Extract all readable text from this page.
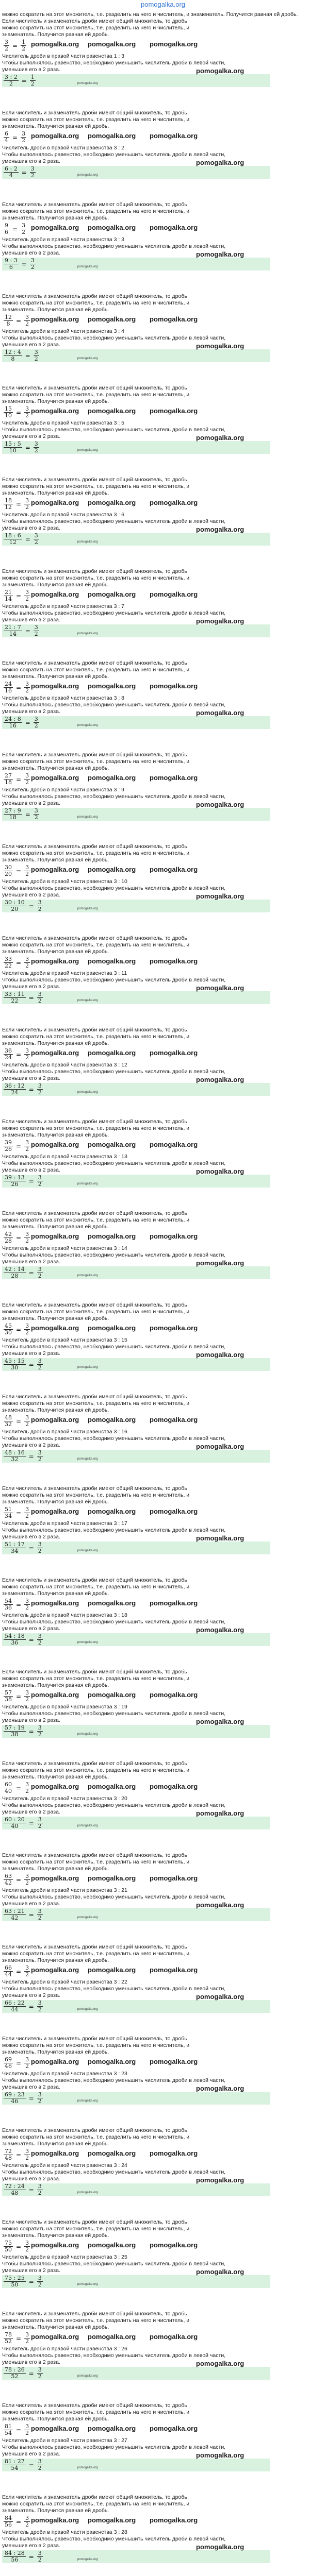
pomogalka.org
можно сократить на этот множитель, т.е. разделить на него и числитель, и знаменатель. Получится равная ей дробь.
Если числитель и знаменатель дроби имеют общий множитель, то дробь
можно сократить на этот множитель, т.е. разделить на него и числитель, и
знаменатель. Получится равная ей дробь.
$\frac{3}{2} = \frac{1}{2}$
Числитель дроби в правой части равенства 1 : 3
Чтобы выполнялось равенство, необходимо уменьшить числитель дроби в левой части,
уменьшив его в 2 раза.
$\frac{3 : 2}{2} = \frac{1}{2}$
pomogalka.org pomogalka.org pomogalka.org
pomogalka.org
pomogalka.org
Если числитель и знаменатель дроби имеют общий множитель, то дробь
можно сократить на этот множитель, т.е. разделить на него и числитель, и
знаменатель. Получится равная ей дробь.
$\frac{6}{4} = \frac{3}{2}$
Числитель дроби в правой части равенства 3 : 2
Чтобы выполнялось равенство, необходимо уменьшить числитель дроби в левой части,
уменьшив его в 2 раза.
$\frac{6 : 2}{4} = \frac{3}{2}$
pomogalka.org pomogalka.org pomogalka.org
pomogalka.org
pomogalka.org
Если числитель и знаменатель дроби имеют общий множитель, то дробь
можно сократить на этот множитель, т.е. разделить на него и числитель, и
знаменатель. Получится равная ей дробь.
$\frac{9}{6} = \frac{3}{2}$
Числитель дроби в правой части равенства 3 : 3
Чтобы выполнялось равенство, необходимо уменьшить числитель дроби в левой части,
уменьшив его в 2 раза.
$\frac{9 : 3}{6} = \frac{3}{2}$
pomogalka.org pomogalka.org pomogalka.org
pomogalka.org
pomogalka.org
Если числитель и знаменатель дроби имеют общий множитель, то дробь
можно сократить на этот множитель, т.е. разделить на него и числитель, и
знаменатель. Получится равная ей дробь.
$\frac{12}{8} = \frac{3}{2}$
Числитель дроби в правой части равенства 3 : 4
Чтобы выполнялось равенство, необходимо уменьшить числитель дроби в левой части,
уменьшив его в 2 раза.
$\frac{12 : 4}{8} = \frac{3}{2}$
pomogalka.org pomogalka.org pomogalka.org
pomogalka.org
pomogalka.org
Если числитель и знаменатель дроби имеют общий множитель, то дробь
можно сократить на этот множитель, т.е. разделить на него и числитель, и
знаменатель. Получится равная ей дробь.
$\frac{15}{10} = \frac{3}{2}$
Числитель дроби в правой части равенства 3 : 5
Чтобы выполнялось равенство, необходимо уменьшить числитель дроби в левой части,
уменьшив его в 2 раза.
$\frac{15 : 5}{10} = \frac{3}{2}$
pomogalka.org pomogalka.org pomogalka.org
pomogalka.org
pomogalka.org
Если числитель и знаменатель дроби имеют общий множитель, то дробь
можно сократить на этот множитель, т.е. разделить на него и числитель, и
знаменатель. Получится равная ей дробь.
$\frac{18}{12} = \frac{3}{2}$
Числитель дроби в правой части равенства 3 : 6
Чтобы выполнялось равенство, необходимо уменьшить числитель дроби в левой части,
уменьшив его в 2 раза.
$\frac{18 : 6}{12} = \frac{3}{2}$
pomogalka.org pomogalka.org pomogalka.org
pomogalka.org
pomogalka.org
Если числитель и знаменатель дроби имеют общий множитель, то дробь
можно сократить на этот множитель, т.е. разделить на него и числитель, и
знаменатель. Получится равная ей дробь.
$\frac{21}{14} = \frac{3}{2}$
Числитель дроби в правой части равенства 3 : 7
Чтобы выполнялось равенство, необходимо уменьшить числитель дроби в левой части,
уменьшив его в 2 раза.
$\frac{21 : 7}{14} = \frac{3}{2}$
pomogalka.org pomogalka.org pomogalka.org
pomogalka.org
pomogalka.org
Если числитель и знаменатель дроби имеют общий множитель, то дробь
можно сократить на этот множитель, т.е. разделить на него и числитель, и
знаменатель. Получится равная ей дробь.
$\frac{24}{16} = \frac{3}{2}$
Числитель дроби в правой части равенства 3 : 8
Чтобы выполнялось равенство, необходимо уменьшить числитель дроби в левой части,
уменьшив его в 2 раза.
$\frac{24 : 8}{16} = \frac{3}{2}$
pomogalka.org pomogalka.org pomogalka.org
pomogalka.org
pomogalka.org
Если числитель и знаменатель дроби имеют общий множитель, то дробь
можно сократить на этот множитель, т.е. разделить на него и числитель, и
знаменатель. Получится равная ей дробь.
$\frac{27}{18} = \frac{3}{2}$
Числитель дроби в правой части равенства 3 : 9
Чтобы выполнялось равенство, необходимо уменьшить числитель дроби в левой части,
уменьшив его в 2 раза.
$\frac{27 : 9}{18} = \frac{3}{2}$
pomogalka.org pomogalka.org pomogalka.org
pomogalka.org
pomogalka.org
Если числитель и знаменатель дроби имеют общий множитель, то дробь
можно сократить на этот множитель, т.е. разделить на него и числитель, и
знаменатель. Получится равная ей дробь.
$\frac{30}{20} = \frac{3}{2}$
Числитель дроби в правой части равенства 3 : 10
Чтобы выполнялось равенство, необходимо уменьшить числитель дроби в левой части,
уменьшив его в 2 раза.
$\frac{30 : 10}{20} = \frac{3}{2}$
pomogalka.org pomogalka.org pomogalka.org
pomogalka.org
pomogalka.org
Если числитель и знаменатель дроби имеют общий множитель, то дробь
можно сократить на этот множитель, т.е. разделить на него и числитель, и
знаменатель. Получится равная ей дробь.
$\frac{33}{22} = \frac{3}{2}$
Числитель дроби в правой части равенства 3 : 11
Чтобы выполнялось равенство, необходимо уменьшить числитель дроби в левой части,
уменьшив его в 2 раза.
$\frac{33 : 11}{22} = \frac{3}{2}$
pomogalka.org pomogalka.org pomogalka.org
pomogalka.org
pomogalka.org
Если числитель и знаменатель дроби имеют общий множитель, то дробь
можно сократить на этот множитель, т.е. разделить на него и числитель, и
знаменатель. Получится равная ей дробь.
$\frac{36}{24} = \frac{3}{2}$
Числитель дроби в правой части равенства 3 : 12
Чтобы выполнялось равенство, необходимо уменьшить числитель дроби в левой части,
уменьшив его в 2 раза.
$\frac{36 : 12}{24} = \frac{3}{2}$
pomogalka.org pomogalka.org pomogalka.org
pomogalka.org
pomogalka.org
Если числитель и знаменатель дроби имеют общий множитель, то дробь
можно сократить на этот множитель, т.е. разделить на него и числитель, и
знаменатель. Получится равная ей дробь.
$\frac{39}{26} = \frac{3}{2}$
Числитель дроби в правой части равенства 3 : 13
Чтобы выполнялось равенство, необходимо уменьшить числитель дроби в левой части,
уменьшив его в 2 раза.
$\frac{39 : 13}{26} = \frac{3}{2}$
pomogalka.org pomogalka.org pomogalka.org
pomogalka.org
pomogalka.org
Если числитель и знаменатель дроби имеют общий множитель, то дробь
можно сократить на этот множитель, т.е. разделить на него и числитель, и
знаменатель. Получится равная ей дробь.
$\frac{42}{28} = \frac{3}{2}$
Числитель дроби в правой части равенства 3 : 14
Чтобы выполнялось равенство, необходимо уменьшить числитель дроби в левой части,
уменьшив его в 2 раза.
$\frac{42 : 14}{28} = \frac{3}{2}$
pomogalka.org pomogalka.org pomogalka.org
pomogalka.org
pomogalka.org
Если числитель и знаменатель дроби имеют общий множитель, то дробь
можно сократить на этот множитель, т.е. разделить на него и числитель, и
знаменатель. Получится равная ей дробь.
$\frac{45}{30} = \frac{3}{2}$
Числитель дроби в правой части равенства 3 : 15
Чтобы выполнялось равенство, необходимо уменьшить числитель дроби в левой части,
уменьшив его в 2 раза.
$\frac{45 : 15}{30} = \frac{3}{2}$
pomogalka.org pomogalka.org pomogalka.org
pomogalka.org
pomogalka.org
Если числитель и знаменатель дроби имеют общий множитель, то дробь
можно сократить на этот множитель, т.е. разделить на него и числитель, и
знаменатель. Получится равная ей дробь.
$\frac{48}{32} = \frac{3}{2}$
Числитель дроби в правой части равенства 3 : 16
Чтобы выполнялось равенство, необходимо уменьшить числитель дроби в левой части,
уменьшив его в 2 раза.
$\frac{48 : 16}{32} = \frac{3}{2}$
pomogalka.org pomogalka.org pomogalka.org
pomogalka.org
pomogalka.org
Если числитель и знаменатель дроби имеют общий множитель, то дробь
можно сократить на этот множитель, т.е. разделить на него и числитель, и
знаменатель. Получится равная ей дробь.
$\frac{51}{34} = \frac{3}{2}$
Числитель дроби в правой части равенства 3 : 17
Чтобы выполнялось равенство, необходимо уменьшить числитель дроби в левой части,
уменьшив его в 2 раза.
$\frac{51 : 17}{34} = \frac{3}{2}$
pomogalka.org pomogalka.org pomogalka.org
pomogalka.org
pomogalka.org
Если числитель и знаменатель дроби имеют общий множитель, то дробь
можно сократить на этот множитель, т.е. разделить на него и числитель, и
знаменатель. Получится равная ей дробь.
$\frac{54}{36} = \frac{3}{2}$
Числитель дроби в правой части равенства 3 : 18
Чтобы выполнялось равенство, необходимо уменьшить числитель дроби в левой части,
уменьшив его в 2 раза.
$\frac{54 : 18}{36} = \frac{3}{2}$
pomogalka.org pomogalka.org pomogalka.org
pomogalka.org
pomogalka.org
Если числитель и знаменатель дроби имеют общий множитель, то дробь
можно сократить на этот множитель, т.е. разделить на него и числитель, и
знаменатель. Получится равная ей дробь.
$\frac{57}{38} = \frac{3}{2}$
Числитель дроби в правой части равенства 3 : 19
Чтобы выполнялось равенство, необходимо уменьшить числитель дроби в левой части,
уменьшив его в 2 раза.
$\frac{57 : 19}{38} = \frac{3}{2}$
pomogalka.org pomogalka.org pomogalka.org
pomogalka.org
pomogalka.org
Если числитель и знаменатель дроби имеют общий множитель, то дробь
можно сократить на этот множитель, т.е. разделить на него и числитель, и
знаменатель. Получится равная ей дробь.
$\frac{60}{40} = \frac{3}{2}$
Числитель дроби в правой части равенства 3 : 20
Чтобы выполнялось равенство, необходимо уменьшить числитель дроби в левой части,
уменьшив его в 2 раза.
$\frac{60 : 20}{40} = \frac{3}{2}$
pomogalka.org pomogalka.org pomogalka.org
pomogalka.org
pomogalka.org
Если числитель и знаменатель дроби имеют общий множитель, то дробь
можно сократить на этот множитель, т.е. разделить на него и числитель, и
знаменатель. Получится равная ей дробь.
$\frac{63}{42} = \frac{3}{2}$
Числитель дроби в правой части равенства 3 : 21
Чтобы выполнялось равенство, необходимо уменьшить числитель дроби в левой части,
уменьшив его в 2 раза.
$\frac{63 : 21}{42} = \frac{3}{2}$
pomogalka.org pomogalka.org pomogalka.org
pomogalka.org
pomogalka.org
Если числитель и знаменатель дроби имеют общий множитель, то дробь
можно сократить на этот множитель, т.е. разделить на него и числитель, и
знаменатель. Получится равная ей дробь.
$\frac{66}{44} = \frac{3}{2}$
Числитель дроби в правой части равенства 3 : 22
Чтобы выполнялось равенство, необходимо уменьшить числитель дроби в левой части,
уменьшив его в 2 раза.
$\frac{66 : 22}{44} = \frac{3}{2}$
pomogalka.org pomogalka.org pomogalka.org
pomogalka.org
pomogalka.org
Если числитель и знаменатель дроби имеют общий множитель, то дробь
можно сократить на этот множитель, т.е. разделить на него и числитель, и
знаменатель. Получится равная ей дробь.
$\frac{69}{46} = \frac{3}{2}$
Числитель дроби в правой части равенства 3 : 23
Чтобы выполнялось равенство, необходимо уменьшить числитель дроби в левой части,
уменьшив его в 2 раза.
$\frac{69 : 23}{46} = \frac{3}{2}$
pomogalka.org pomogalka.org pomogalka.org
pomogalka.org
pomogalka.org
Если числитель и знаменатель дроби имеют общий множитель, то дробь
можно сократить на этот множитель, т.е. разделить на него и числитель, и
знаменатель. Получится равная ей дробь.
$\frac{72}{48} = \frac{3}{2}$
Числитель дроби в правой части равенства 3 : 24
Чтобы выполнялось равенство, необходимо уменьшить числитель дроби в левой части,
уменьшив его в 2 раза.
$\frac{72 : 24}{48} = \frac{3}{2}$
pomogalka.org pomogalka.org pomogalka.org
pomogalka.org
pomogalka.org
Если числитель и знаменатель дроби имеют общий множитель, то дробь
можно сократить на этот множитель, т.е. разделить на него и числитель, и
знаменатель. Получится равная ей дробь.
$\frac{75}{50} = \frac{3}{2}$
Числитель дроби в правой части равенства 3 : 25
Чтобы выполнялось равенство, необходимо уменьшить числитель дроби в левой части,
уменьшив его в 2 раза.
$\frac{75 : 25}{50} = \frac{3}{2}$
pomogalka.org pomogalka.org pomogalka.org
pomogalka.org
pomogalka.org
Если числитель и знаменатель дроби имеют общий множитель, то дробь
можно сократить на этот множитель, т.е. разделить на него и числитель, и
знаменатель. Получится равная ей дробь.
$\frac{78}{52} = \frac{3}{2}$
Числитель дроби в правой части равенства 3 : 26
Чтобы выполнялось равенство, необходимо уменьшить числитель дроби в левой части,
уменьшив его в 2 раза.
$\frac{78 : 26}{52} = \frac{3}{2}$
pomogalka.org pomogalka.org pomogalka.org
pomogalka.org
pomogalka.org
Если числитель и знаменатель дроби имеют общий множитель, то дробь
можно сократить на этот множитель, т.е. разделить на него и числитель, и
знаменатель. Получится равная ей дробь.
$\frac{81}{54} = \frac{3}{2}$
Числитель дроби в правой части равенства 3 : 27
Чтобы выполнялось равенство, необходимо уменьшить числитель дроби в левой части,
уменьшив его в 2 раза.
$\frac{81 : 27}{54} = \frac{3}{2}$
pomogalka.org pomogalka.org pomogalka.org
pomogalka.org
pomogalka.org
Если числитель и знаменатель дроби имеют общий множитель, то дробь
можно сократить на этот множитель, т.е. разделить на него и числитель, и
знаменатель. Получится равная ей дробь.
$\frac{84}{56} = \frac{3}{2}$
Числитель дроби в правой части равенства 3 : 28
Чтобы выполнялось равенство, необходимо уменьшить числитель дроби в левой части,
уменьшив его в 2 раза.
$\frac{84 : 28}{56} = \frac{3}{2}$
pomogalka.org pomogalka.org pomogalka.org
pomogalka.org
pomogalka.org
